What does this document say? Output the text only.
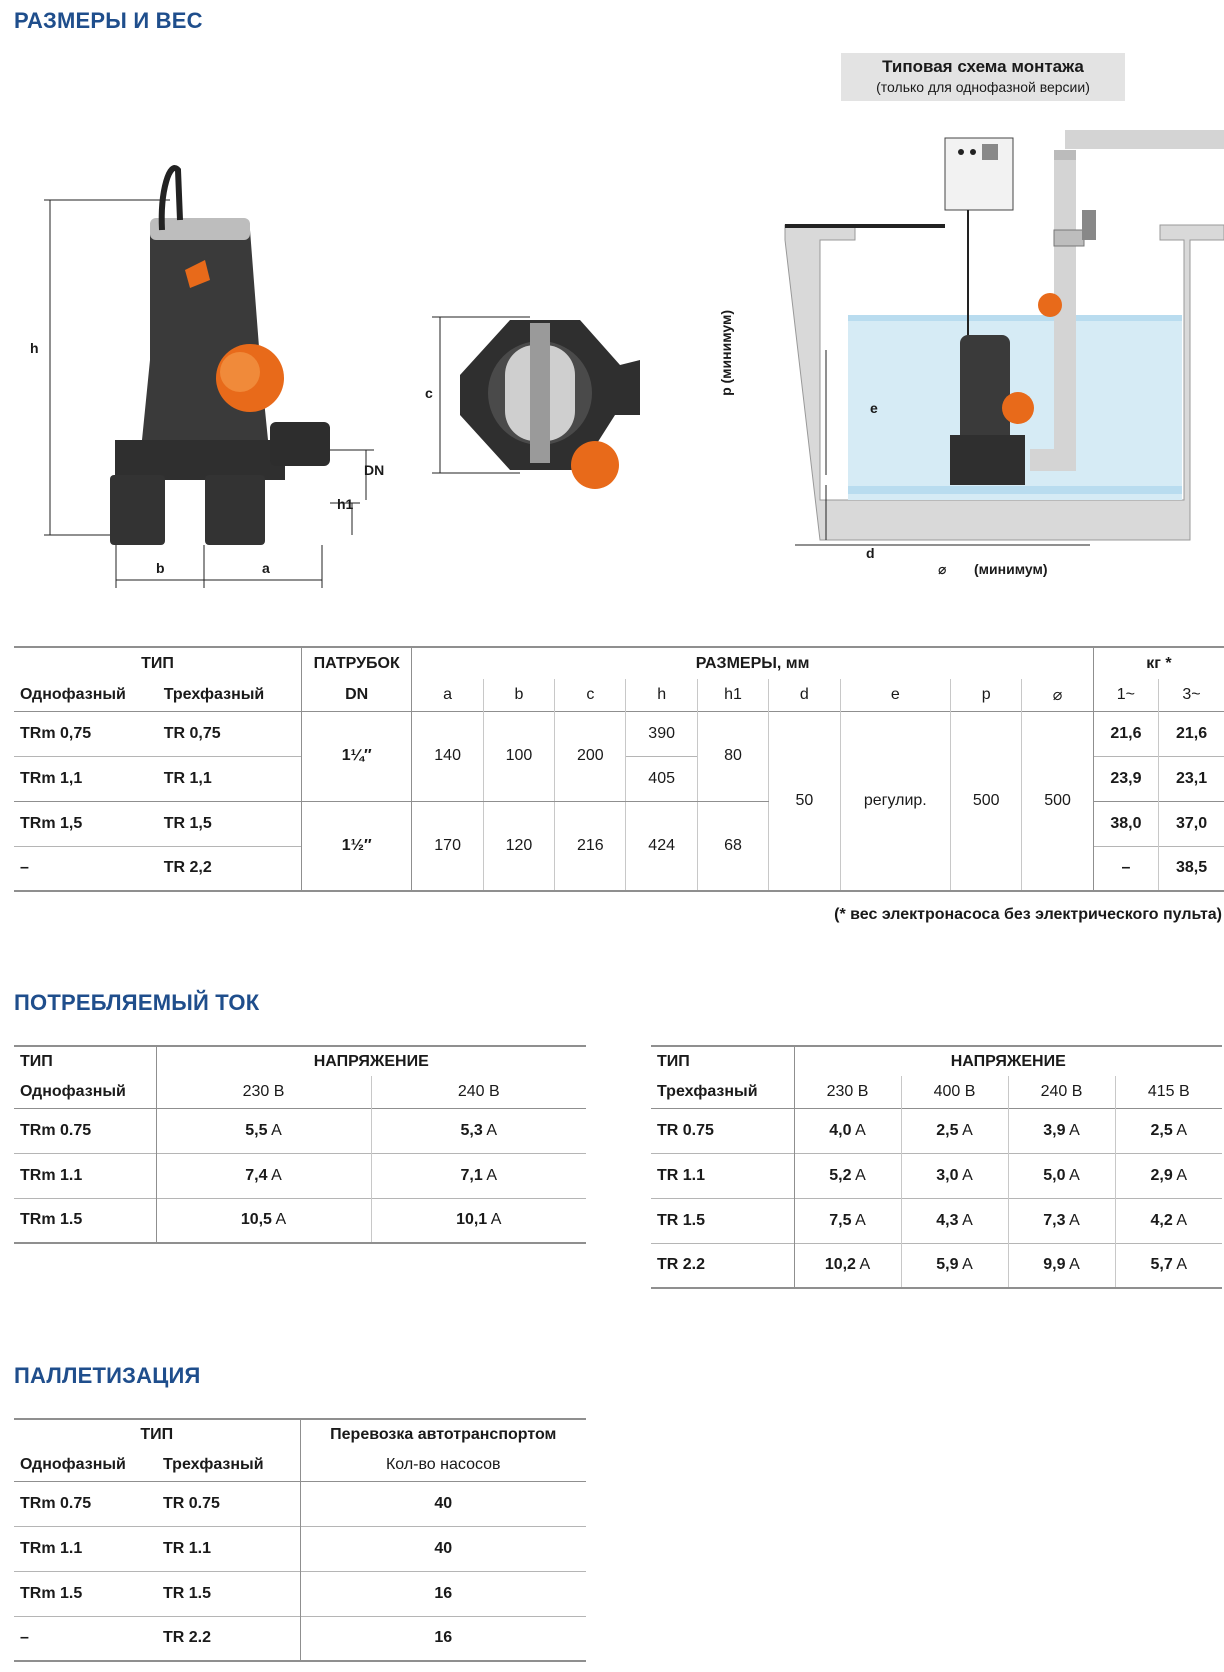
РАЗМЕРЫ И ВЕС
h
h1
DN
b	a
c
Типовая схема монтажа
(только для однофазной версии)
p (минимум)
e
d
⌀ (минимум)
ТИП		ПАТРУБОК	РАЗМЕРЫ, мм									кг *	
Однофазный	Трехфазный	DN	a	b	c	h	h1	d	e	p	⌀	1~	3~
TRm 0,75	TR 0,75	1¼″	140	100	200	390	80	50	регулир.	500	500	21,6	21,6
TRm 1,1	TR 1,1					405						23,9	23,1
TRm 1,5	TR 1,5	1½″	170	120	216	424	68					38,0	37,0
–	TR 2,2											–	38,5
(* вес электронасоса без электрического пульта)
ПОТРЕБЛЯЕМЫЙ ТОК
ТИП	НАПРЯЖЕНИЕ	
Однофазный	230 В	240 В
TRm 0.75	5,5 A	5,3 A
TRm 1.1	7,4 A	7,1 A
TRm 1.5	10,5 A	10,1 A
ТИП	НАПРЯЖЕНИЕ			
Трехфазный	230 В	400 В	240 В	415 В
TR 0.75	4,0 A	2,5 A	3,9 A	2,5 A
TR 1.1	5,2 A	3,0 A	5,0 A	2,9 A
TR 1.5	7,5 A	4,3 A	7,3 A	4,2 A
TR 2.2	10,2 A	5,9 A	9,9 A	5,7 A
ПАЛЛЕТИЗАЦИЯ
ТИП		Перевозка автотранспортом
Однофазный	Трехфазный	Кол-во насосов
TRm 0.75	TR 0.75	40
TRm 1.1	TR 1.1	40
TRm 1.5	TR 1.5	16
–	TR 2.2	16
